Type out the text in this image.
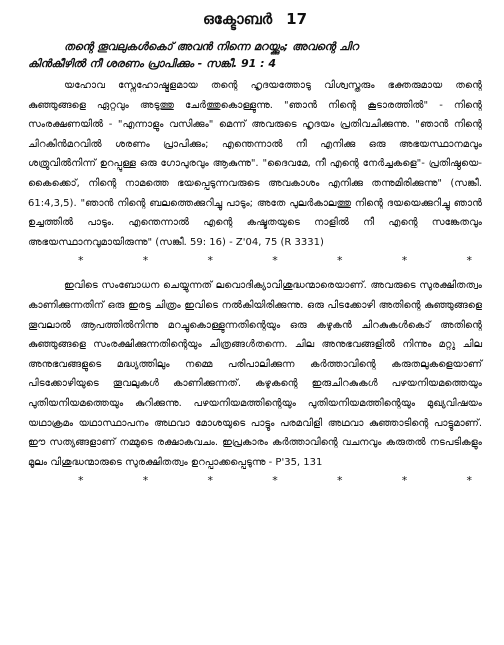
ഒക്ടോബർ 17
തന്റെ തൂവലുകൾകൊ് അവൻ നിന്നെ മറയ്ക്കും; അവന്റെ ചിറ
കിൻകീഴിൽ നീ ശരണം പ്രാപിക്കും - സങ്കീ. 91 : 4
യഹോവ സ്നേഹോഷ്മളമായ തന്റെ ഹൃദയത്തോടു വിശ്വസ്തരും ഭക്തരുമായ തന്റെ കുഞ്ഞുങ്ങളെ ഏറ്റവും അടുത്തു ചേർത്തുകൊള്ളുന്നു. "ഞാൻ നിന്റെ കൂടാരത്തിൽ" - നിന്റെ സംരക്ഷണയിൽ - "എന്നാളും വസിക്കും" മെന്ന് അവരുടെ ഹൃദയം പ്രതിവചിക്കുന്നു. "ഞാൻ നിന്റെ ചിറകിൻമറവിൽ ശരണം പ്രാപിക്കും; എന്തെന്നാൽ നീ എനിക്കു ഒരു അഭയസ്ഥാനമവും ശത്രുവിൽനിന്ന് ഉറപ്പുള്ള ഒരു ഗോപുരവും ആകുന്നു". "ദൈവമേ, നീ എന്റെ നേർച്ചകളെ"- പ്രതിഷ്ഠയെ- കൈക്കൊ്, നിന്റെ നാമത്തെ ഭയപ്പെടുന്നവരുടെ അവകാശം എനിക്കു തന്നുമിരിക്കുന്നു" (സങ്കീ. 61:4,3,5). "ഞാൻ നിന്റെ ബലത്തെക്കുറിച്ചു പാടും; അതേ പുലർകാലത്തു നിന്റെ ദയയെക്കുറിച്ചു ഞാൻ ഉച്ചത്തിൽ പാടും. എന്തെന്നാൽ എന്റെ കഷ്ടതയുടെ നാളിൽ നീ എന്റെ സങ്കേതവും അഭയസ്ഥാനവുമായിരുന്നു" (സങ്കീ. 59: 16) - Z'04, 75 (R 3331)
*	*	*	*	*	*	*
ഇവിടെ സംബോധന ചെയ്യുന്നത് ലവൊദിക്യാവിശുദ്ധന്മാരെയാണ്. അവരുടെ സുരക്ഷിതത്വം കാണിക്കുന്നതിന് ഒരു ഇരട്ട ചിത്രം ഇവിടെ നൽകിയിരിക്കുന്നു. ഒരു പിടക്കോഴി അതിന്റെ കുഞ്ഞുങ്ങളെ തൂവലാൽ ആപത്തിൽനിന്നു മറച്ചുകൊള്ളുന്നതിന്റെയും ഒരു കഴുകൻ ചിറകുകൾകൊ് അതിന്റെ കുഞ്ഞുങ്ങളെ സംരക്ഷിക്കുന്നതിന്റെയും ചിത്രങ്ങൾതന്നെ. ചില അനുഭവങ്ങളിൽ നിന്നും മറ്റു ചില അനുഭവങ്ങളുടെ മദ്ധ്യത്തിലും നമ്മെ പരിപാലിക്കുന്ന കർത്താവിന്റെ കരുതലുകളെയാണ് പിടക്കോഴിയുടെ തൂവലുകൾ കാണിക്കുന്നത്. കഴുകന്റെ ഇരുചിറകുകൾ പഴയനിയമത്തെയും പുതിയനിയമത്തെയും കുറിക്കുന്നു. പഴയനിയമത്തിന്റെയും പുതിയനിയമത്തിന്റെയും മുഖ്യവിഷയം യഥാക്രമം യഥാസ്ഥാപനം അഥവാ മോശയുടെ പാട്ടും പരമവിളി അഥവാ കുഞ്ഞാടിന്റെ പാട്ടുമാണ്. ഈ സത്യങ്ങളാണ് നമ്മുടെ രക്ഷാകവചം. ഇപ്രകാരം കർത്താവിന്റെ വചനവും കരുതൽ നടപടികളും മൂലം വിശുദ്ധന്മാരുടെ സുരക്ഷിതത്വം ഉറപ്പാക്കപ്പെടുന്നു - P'35, 131
*	*	*	*	*	*	*
